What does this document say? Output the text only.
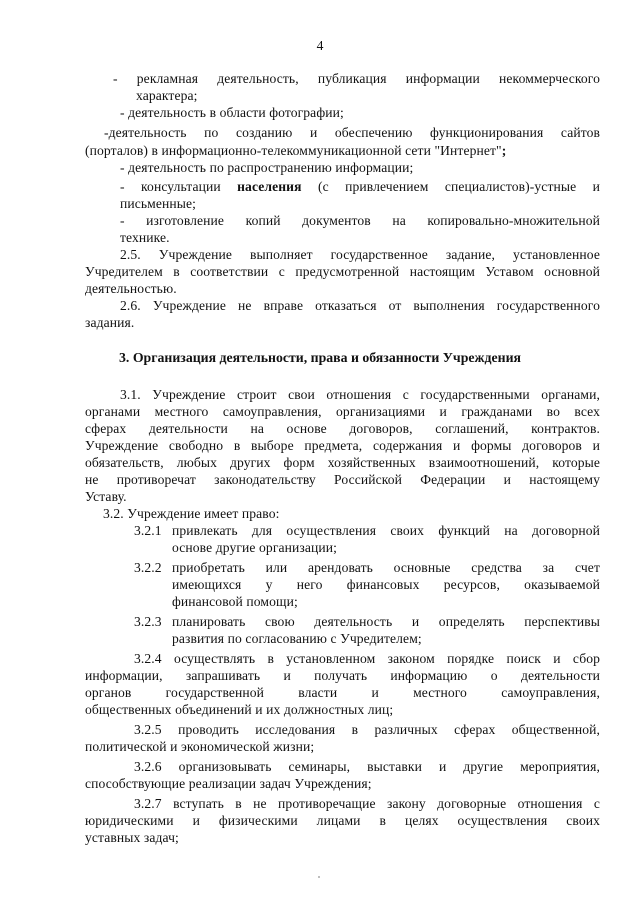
4
- рекламная деятельность, публикация информации некоммерческого
характера;
- деятельность в области фотографии;
-деятельность по созданию и обеспечению функционирования сайтов
(порталов) в информационно-телекоммуникационной сети "Интернет";
- деятельность по распространению информации;
- консультации населения (с привлечением специалистов)-устные и
письменные;
- изготовление копий документов на копировально-множительной
технике.
2.5. Учреждение выполняет государственное задание, установленное
Учредителем в соответствии с предусмотренной настоящим Уставом основной
деятельностью.
2.6. Учреждение не вправе отказаться от выполнения государственного
задания.
3. Организация деятельности, права и обязанности Учреждения
3.1. Учреждение строит свои отношения с государственными органами,
органами местного самоуправления, организациями и гражданами во всех
сферах деятельности на основе договоров, соглашений, контрактов.
Учреждение свободно в выборе предмета, содержания и формы договоров и
обязательств, любых других форм хозяйственных взаимоотношений, которые
не противоречат законодательству Российской Федерации и настоящему
Уставу.
3.2. Учреждение имеет право:
3.2.1 привлекать для осуществления своих функций на договорной
основе другие организации;
3.2.2 приобретать или арендовать основные средства за счет
имеющихся у него финансовых ресурсов, оказываемой
финансовой помощи;
3.2.3 планировать свою деятельность и определять перспективы
развития по согласованию с Учредителем;
3.2.4 осуществлять в установленном законом порядке поиск и сбор
информации, запрашивать и получать информацию о деятельности
органов государственной власти и местного самоуправления,
общественных объединений и их должностных лиц;
3.2.5 проводить исследования в различных сферах общественной,
политической и экономической жизни;
3.2.6 организовывать семинары, выставки и другие мероприятия,
способствующие реализации задач Учреждения;
3.2.7 вступать в не противоречащие закону договорные отношения с
юридическими и физическими лицами в целях осуществления своих
уставных задач;
